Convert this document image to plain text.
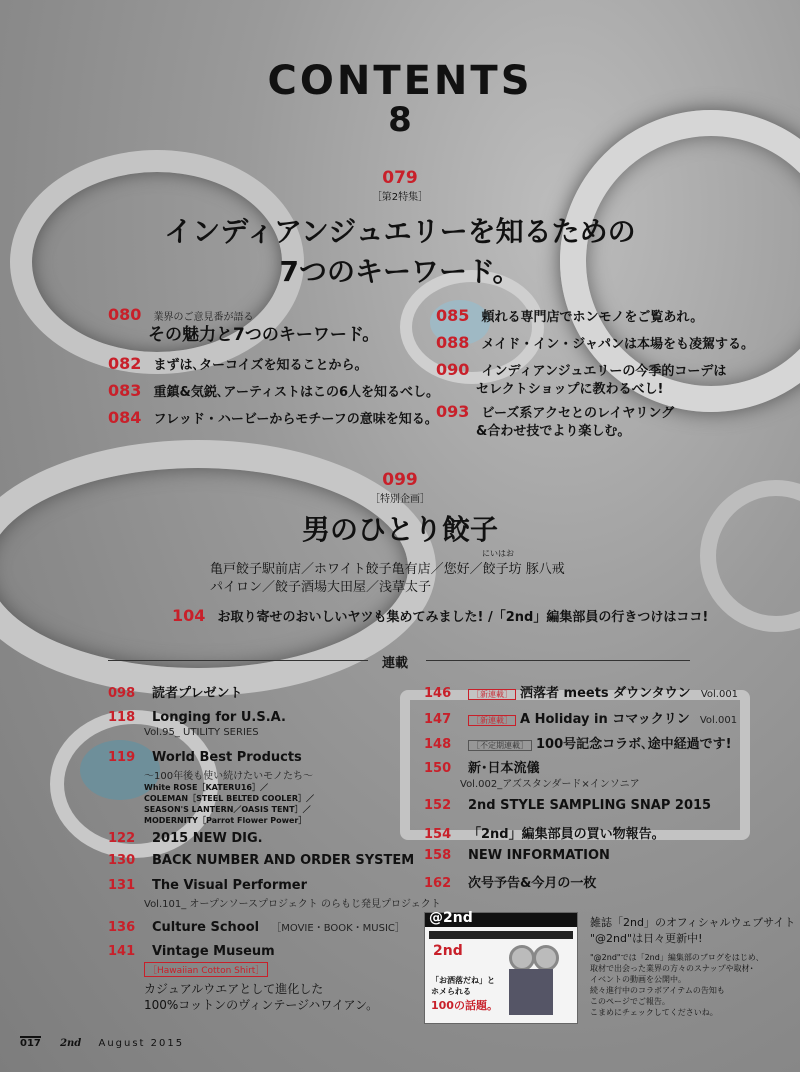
CONTENTS
8
079
［第2特集］
インディアンジュエリーを知るための
7つのキーワード。
080 業界のご意見番が語る
その魅力と7つのキーワード。
082 まずは､ターコイズを知ることから。
083 重鎮&気鋭､アーティストはこの6人を知るべし。
084 フレッド・ハービーからモチーフの意味を知る。
085 頼れる専門店でホンモノをご覧あれ。
088 メイド・イン・ジャパンは本場をも凌駕する。
090 インディアンジュエリーの今季的コーデは
セレクトショップに教わるべし!
093 ビーズ系アクセとのレイヤリング
&合わせ技でより楽しむ。
099
［特別企画］
男のひとり餃子
にいはお
亀戸餃子駅前店／ホワイト餃子亀有店／您好／餃子坊 豚八戒
パイロン／餃子酒場大田屋／浅草太子
104 お取り寄せのおいしいヤツも集めてみました! /「2nd」編集部員の行きつけはココ!
連載
098 読者プレゼント
118 Longing for U.S.A.
Vol.95_ UTILITY SERIES
119 World Best Products
〜100年後も使い続けたいモノたち〜
White ROSE［KATERU16］／
COLEMAN［STEEL BELTED COOLER］／
SEASON'S LANTERN／OASIS TENT］／
MODERNITY［Parrot Flower Power］
122 2015 NEW DIG.
130 BACK NUMBER AND ORDER SYSTEM
131 The Visual Performer
Vol.101_ オープンソースプロジェクト のらもじ発見プロジェクト
136 Culture School ［MOVIE・BOOK・MUSIC］
141 Vintage Museum
［Hawaiian Cotton Shirt］
カジュアルウエアとして進化した
100%コットンのヴィンテージハワイアン。
146	［新連載］ 洒落者 meets ダウンタウン Vol.001
147	［新連載］ A Holiday in コマックリン Vol.001
148	［不定期連載］ 100号記念コラボ､途中経過です!
150 新･日本流儀
Vol.002_アズスタンダード×インソニア
152 2nd STYLE SAMPLING SNAP 2015
154 「2nd」編集部員の買い物報告。
158 NEW INFORMATION
162 次号予告&今月の一枚
@2nd
2nd
「お洒落だね」と
ホメられる
100の話題。
雑誌「2nd」のオフィシャルウェブサイト
"@2nd"は日々更新中!
"@2nd"では「2nd」編集部のブログをはじめ､
取材で出会った業界の方々のスナップや取材･
イベントの動画を公開中。
続々進行中のコラボアイテムの告知も
このページでご報告。
こまめにチェックしてくださいね。
017 2nd August 2015
